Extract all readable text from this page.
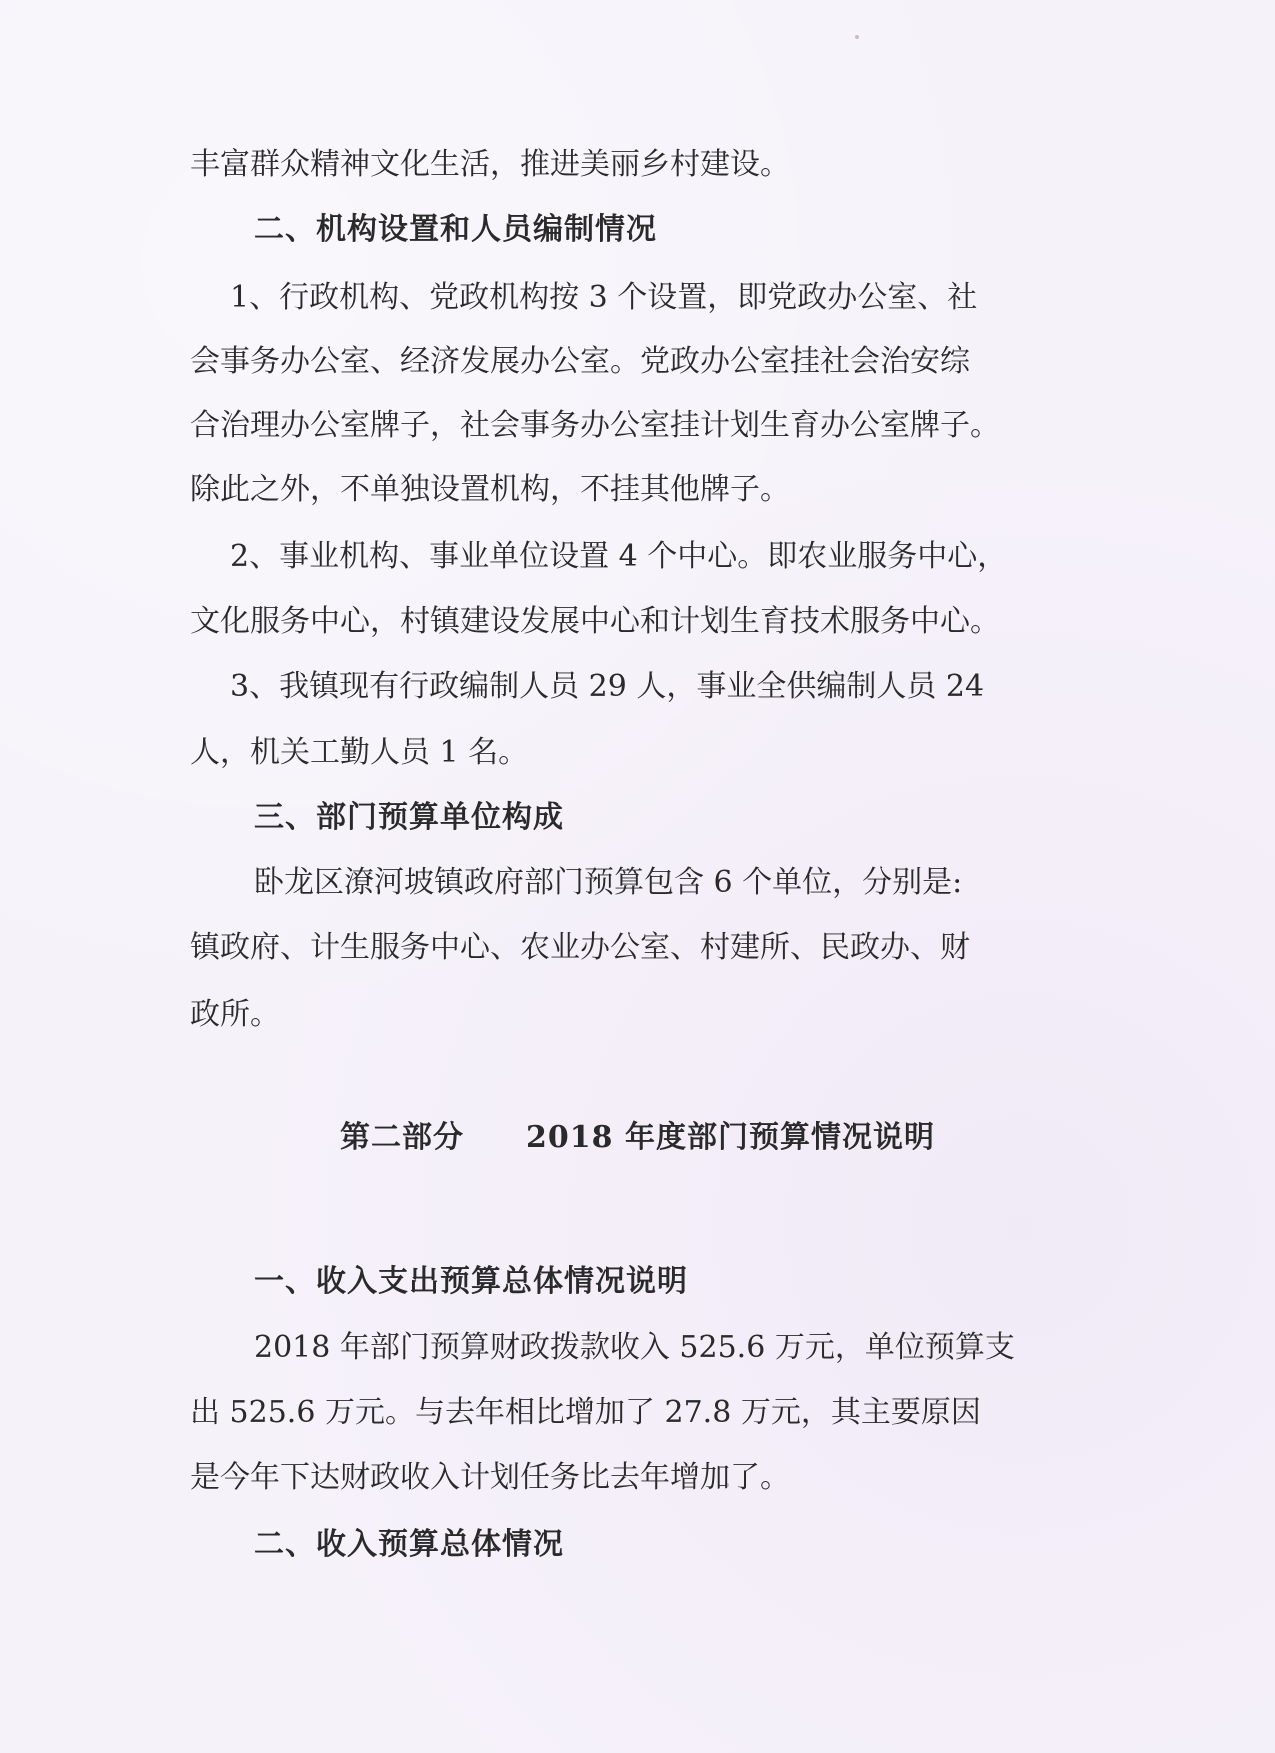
丰富群众精神文化生活，推进美丽乡村建设。
二、机构设置和人员编制情况
1、行政机构、党政机构按 3 个设置，即党政办公室、社
会事务办公室、经济发展办公室。党政办公室挂社会治安综
合治理办公室牌子，社会事务办公室挂计划生育办公室牌子。
除此之外，不单独设置机构，不挂其他牌子。
2、事业机构、事业单位设置 4 个中心。即农业服务中心，
文化服务中心，村镇建设发展中心和计划生育技术服务中心。
3、我镇现有行政编制人员 29 人，事业全供编制人员 24
人，机关工勤人员 1 名。
三、部门预算单位构成
卧龙区潦河坡镇政府部门预算包含 6 个单位，分别是:
镇政府、计生服务中心、农业办公室、村建所、民政办、财
政所。
第二部分　　2018 年度部门预算情况说明
一、收入支出预算总体情况说明
2018 年部门预算财政拨款收入 525.6 万元，单位预算支
出 525.6 万元。与去年相比增加了 27.8 万元，其主要原因
是今年下达财政收入计划任务比去年增加了。
二、收入预算总体情况
